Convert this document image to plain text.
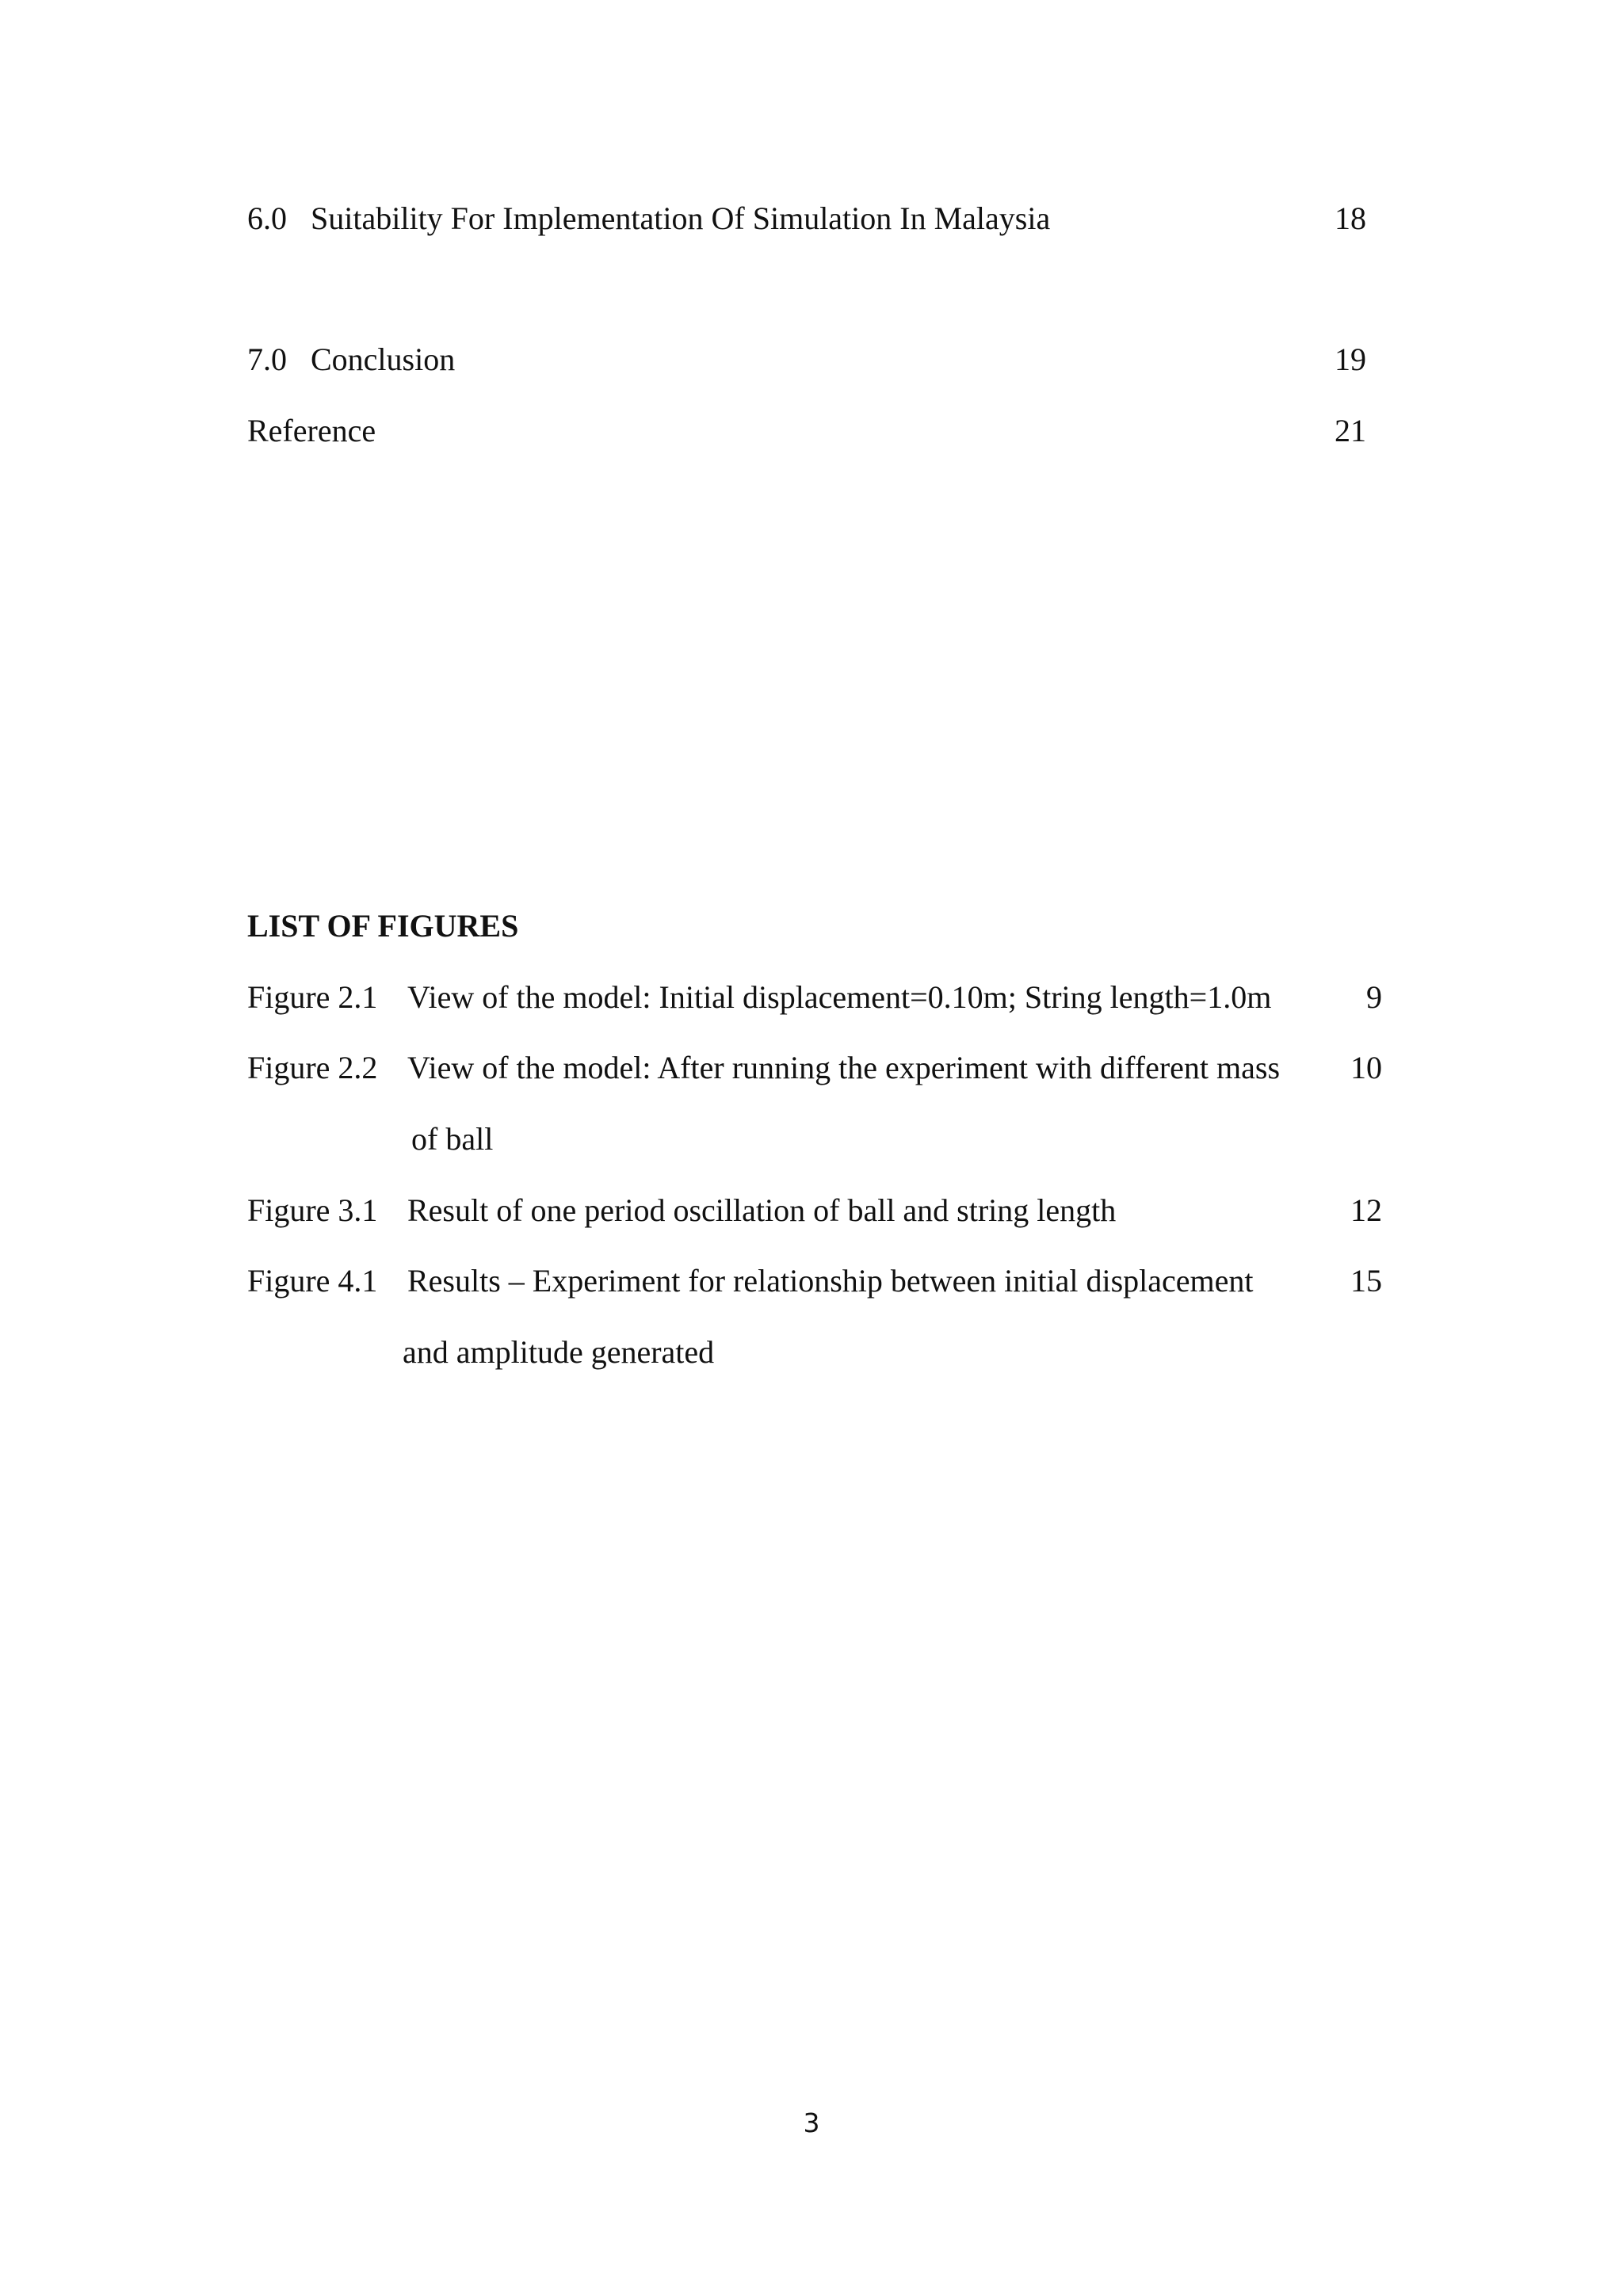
6.0 Suitability For Implementation Of Simulation In Malaysia	18
7.0 Conclusion	19
Reference	21
LIST OF FIGURES
Figure 2.1 View of the model: Initial displacement=0.10m; String length=1.0m	9
Figure 2.2 View of the model: After running the experiment with different mass	10
of ball
Figure 3.1 Result of one period oscillation of ball and string length	12
Figure 4.1 Results – Experiment for relationship between initial displacement	15
and amplitude generated
3
